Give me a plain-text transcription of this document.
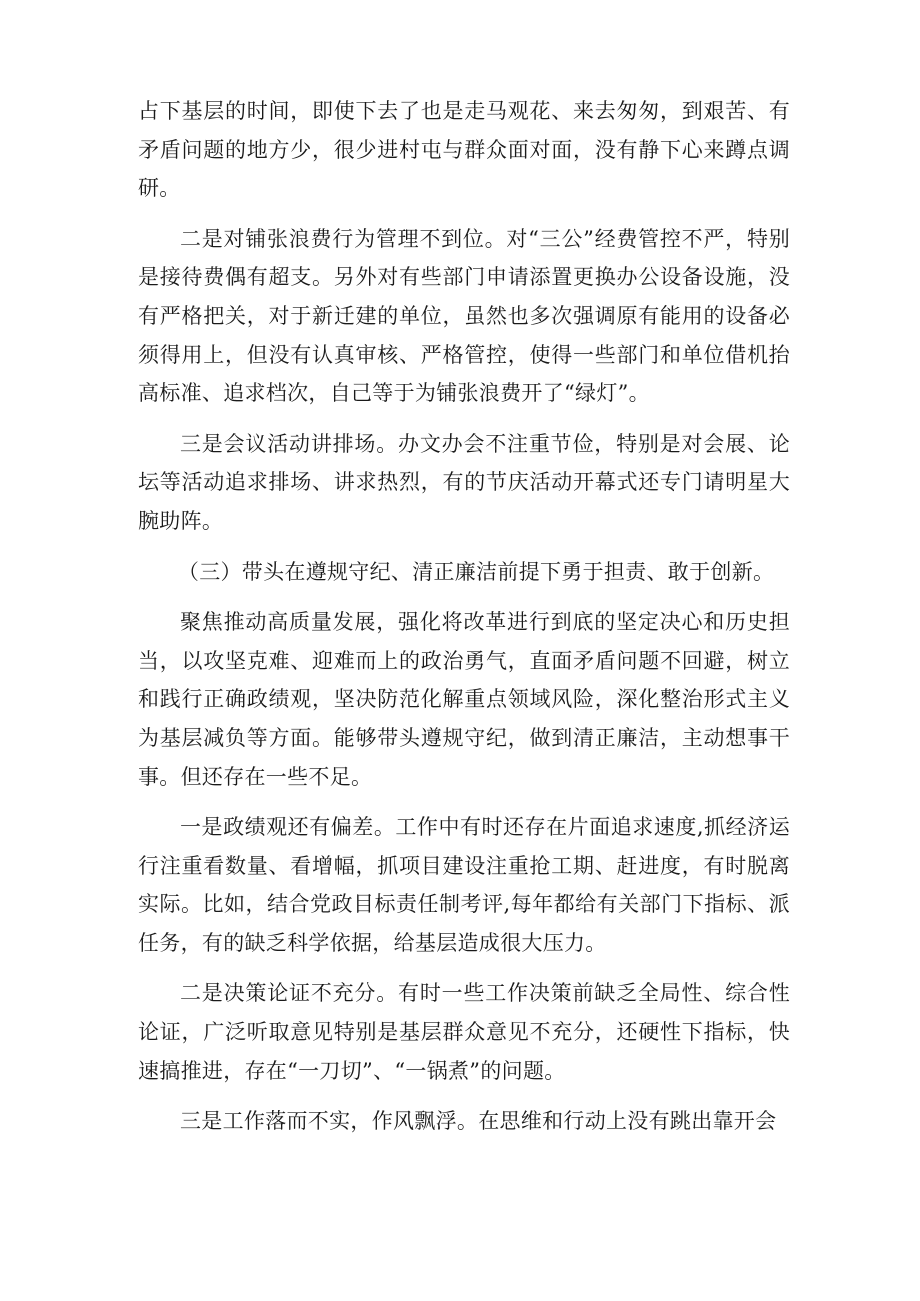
占下基层的时间，即使下去了也是走马观花、来去匆匆，到艰苦、有矛盾问题的地方少，很少进村屯与群众面对面，没有静下心来蹲点调研。

二是对铺张浪费行为管理不到位。对“三公”经费管控不严，特别是接待费偶有超支。另外对有些部门申请添置更换办公设备设施，没有严格把关，对于新迁建的单位，虽然也多次强调原有能用的设备必须得用上，但没有认真审核、严格管控，使得一些部门和单位借机抬高标准、追求档次，自己等于为铺张浪费开了“绿灯”。

三是会议活动讲排场。办文办会不注重节俭，特别是对会展、论坛等活动追求排场、讲求热烈，有的节庆活动开幕式还专门请明星大腕助阵。

（三）带头在遵规守纪、清正廉洁前提下勇于担责、敢于创新。

聚焦推动高质量发展，强化将改革进行到底的坚定决心和历史担当，以攻坚克难、迎难而上的政治勇气，直面矛盾问题不回避，树立和践行正确政绩观，坚决防范化解重点领域风险，深化整治形式主义为基层减负等方面。能够带头遵规守纪，做到清正廉洁，主动想事干事。但还存在一些不足。

一是政绩观还有偏差。工作中有时还存在片面追求速度,抓经济运行注重看数量、看增幅，抓项目建设注重抢工期、赶进度，有时脱离实际。比如，结合党政目标责任制考评,每年都给有关部门下指标、派任务，有的缺乏科学依据，给基层造成很大压力。

二是决策论证不充分。有时一些工作决策前缺乏全局性、综合性论证，广泛听取意见特别是基层群众意见不充分，还硬性下指标，快速搞推进，存在“一刀切”、“一锅煮”的问题。

三是工作落而不实，作风飘浮。在思维和行动上没有跳出靠开会
